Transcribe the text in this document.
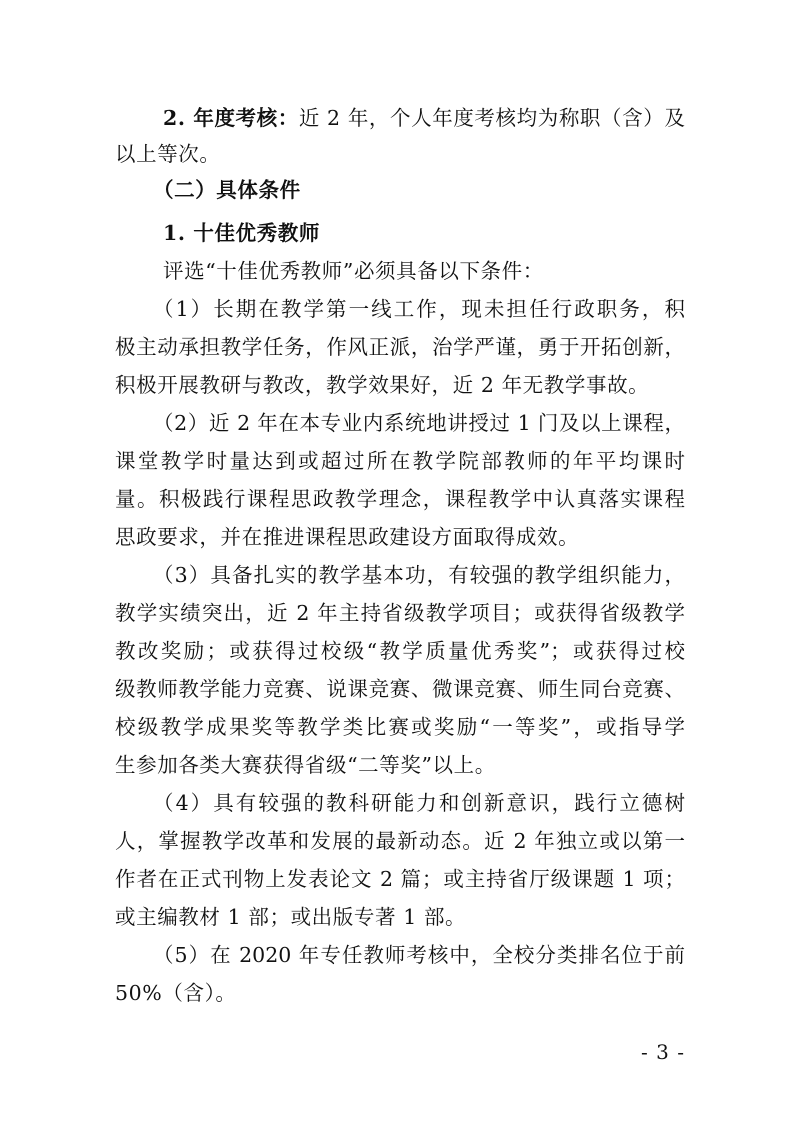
2. 年度考核：近 2 年，个人年度考核均为称职（含）及
以上等次。
（二）具体条件
1. 十佳优秀教师
评选“十佳优秀教师”必须具备以下条件：
（1）长期在教学第一线工作，现未担任行政职务，积
极主动承担教学任务，作风正派，治学严谨，勇于开拓创新，
积极开展教研与教改，教学效果好，近 2 年无教学事故。
（2）近 2 年在本专业内系统地讲授过 1 门及以上课程，
课堂教学时量达到或超过所在教学院部教师的年平均课时
量。积极践行课程思政教学理念，课程教学中认真落实课程
思政要求，并在推进课程思政建设方面取得成效。
（3）具备扎实的教学基本功，有较强的教学组织能力，
教学实绩突出，近 2 年主持省级教学项目；或获得省级教学
教改奖励；或获得过校级“教学质量优秀奖”；或获得过校
级教师教学能力竞赛、说课竞赛、微课竞赛、师生同台竞赛、
校级教学成果奖等教学类比赛或奖励“一等奖”，或指导学
生参加各类大赛获得省级“二等奖”以上。
（4）具有较强的教科研能力和创新意识，践行立德树
人，掌握教学改革和发展的最新动态。近 2 年独立或以第一
作者在正式刊物上发表论文 2 篇；或主持省厅级课题 1 项；
或主编教材 1 部；或出版专著 1 部。
（5）在 2020 年专任教师考核中，全校分类排名位于前
50%（含）。
- 3 -
